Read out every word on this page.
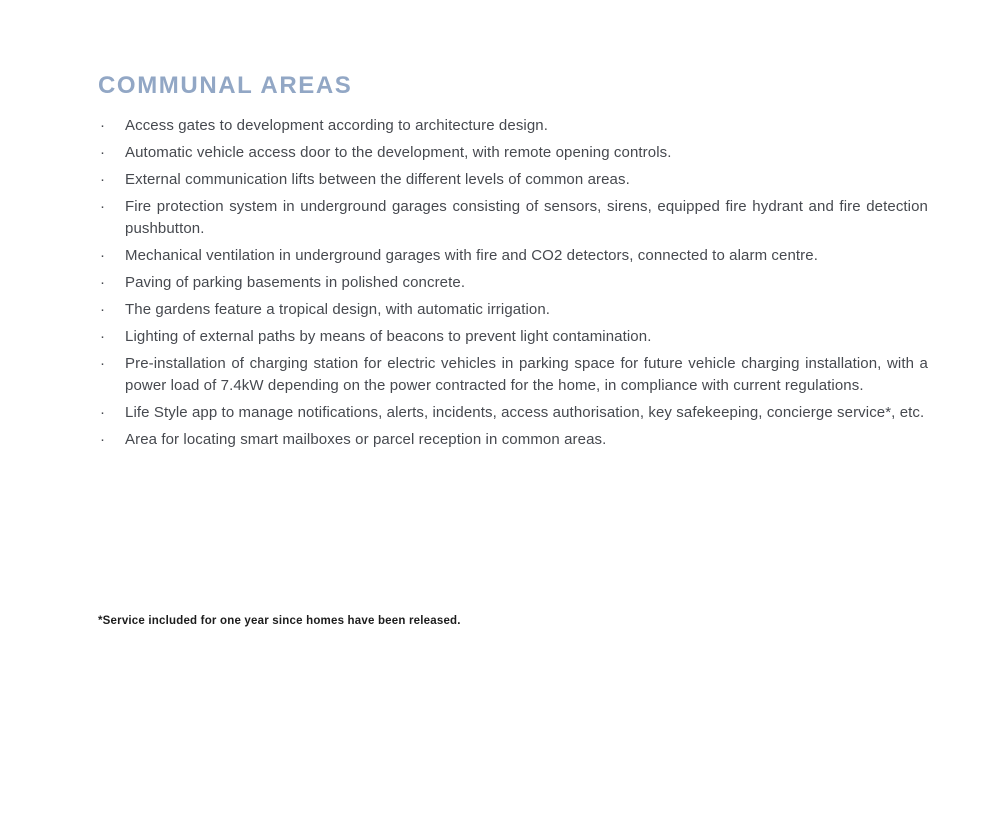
COMMUNAL AREAS
·	Access gates to development according to architecture design.
·	Automatic vehicle access door to the development, with remote opening controls.
·	External communication lifts between the different levels of common areas.
·	Fire protection system in underground garages consisting of sensors, sirens, equipped fire hydrant and fire detection pushbutton.
·	Mechanical ventilation in underground garages with fire and CO2 detectors, connected to alarm centre.
·	Paving of parking basements in polished concrete.
·	The gardens feature a tropical design, with automatic irrigation.
·	Lighting of external paths by means of beacons to prevent light contamination.
·	Pre-installation of charging station for electric vehicles in parking space for future vehicle charging installation, with a power load of 7.4kW depending on the power contracted for the home, in compliance with current regulations.
·	Life Style app to manage notifications, alerts, incidents, access authorisation, key safekeeping, concierge service*, etc.
·	Area for locating smart mailboxes or parcel reception in common areas.

*Service included for one year since homes have been released.
